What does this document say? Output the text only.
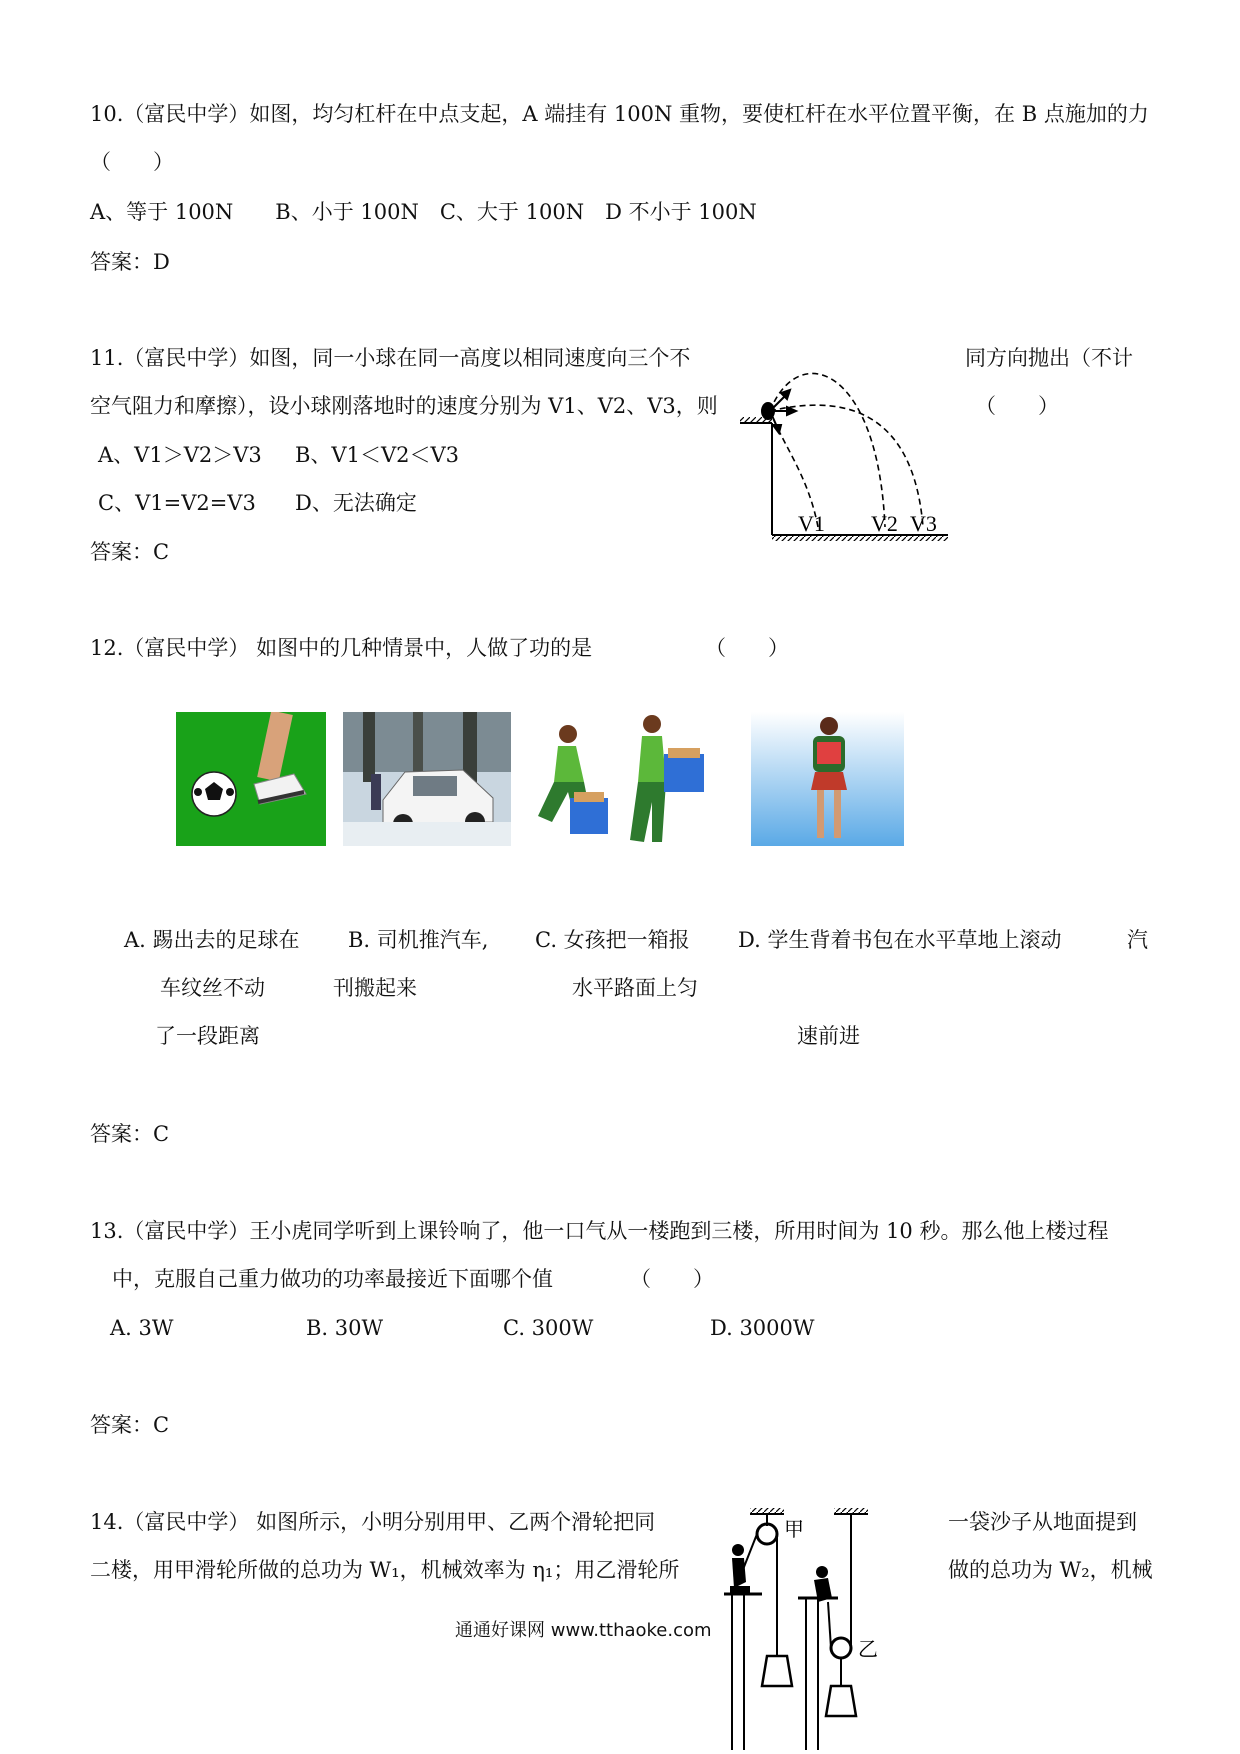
10.（富民中学）如图，均匀杠杆在中点支起，A 端挂有 100N 重物，要使杠杆在水平位置平衡，在 B 点施加的力
（　　）
A、等于 100N　　B、小于 100N　C、大于 100N　D 不小于 100N
答案：D
11.（富民中学）如图，同一小球在同一高度以相同速度向三个不	同方向抛出（不计
空气阻力和摩擦），设小球刚落地时的速度分别为 V1、V2、V3，则	（　　）
A、V1＞V2＞V3 B、V1＜V2＜V3
C、V1=V2=V3 D、无法确定
答案：C
V1 V2 V3
12.（富民中学） 如图中的几种情景中，人做了功的是	（　　）
A. 踢出去的足球在 B. 司机推汽车, C. 女孩把一箱报 D. 学生背着书包在水平草地上滚动	汽
车纹丝不动	刊搬起来	水平路面上匀
了一段距离	速前进
答案：C
13.（富民中学）王小虎同学听到上课铃响了，他一口气从一楼跑到三楼，所用时间为 10 秒。那么他上楼过程
中，克服自己重力做功的功率最接近下面哪个值	（　　）
A. 3W	B. 30W	C. 300W	D. 3000W
答案：C
14.（富民中学） 如图所示，小明分别用甲、乙两个滑轮把同	一袋沙子从地面提到
二楼，用甲滑轮所做的总功为 W₁，机械效率为 η₁；用乙滑轮所	做的总功为 W₂，机械
甲
乙
通通好课网 www.tthaoke.com
